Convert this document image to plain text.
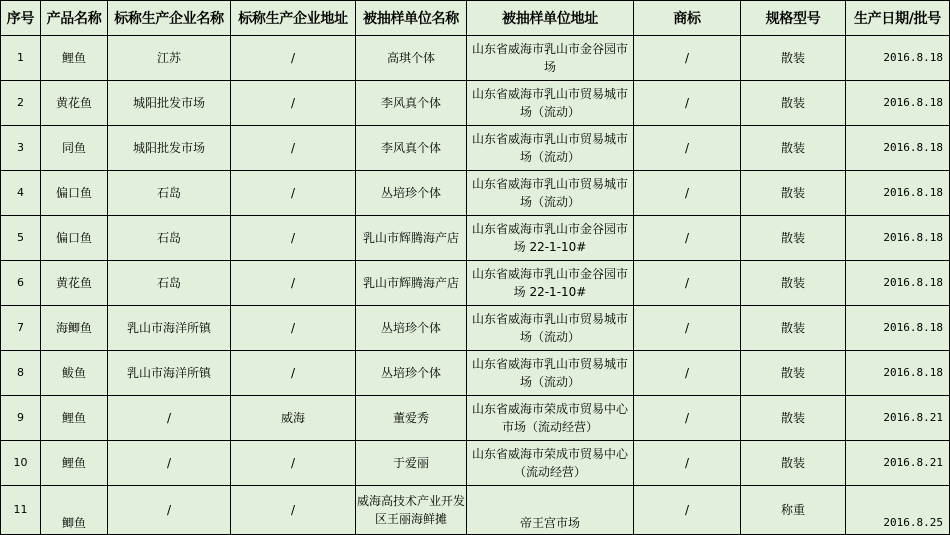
序号	产品名称	标称生产企业名称	标称生产企业地址	被抽样单位名称	被抽样单位地址	商标	规格型号	生产日期/批号
1	鲤鱼	江苏	/	高琪个体	山东省威海市乳山市金谷园市场	/	散装	2016.8.18
2	黄花鱼	城阳批发市场	/	李风真个体	山东省威海市乳山市贸易城市场（流动）	/	散装	2016.8.18
3	同鱼	城阳批发市场	/	李风真个体	山东省威海市乳山市贸易城市场（流动）	/	散装	2016.8.18
4	偏口鱼	石岛	/	丛培珍个体	山东省威海市乳山市贸易城市场（流动）	/	散装	2016.8.18
5	偏口鱼	石岛	/	乳山市辉腾海产店	山东省威海市乳山市金谷园市场 22-1-10#	/	散装	2016.8.18
6	黄花鱼	石岛	/	乳山市辉腾海产店	山东省威海市乳山市金谷园市场 22-1-10#	/	散装	2016.8.18
7	海鲫鱼	乳山市海洋所镇	/	丛培珍个体	山东省威海市乳山市贸易城市场（流动）	/	散装	2016.8.18
8	鲅鱼	乳山市海洋所镇	/	丛培珍个体	山东省威海市乳山市贸易城市场（流动）	/	散装	2016.8.18
9	鲤鱼	/	威海	董爱秀	山东省威海市荣成市贸易中心市场（流动经营）	/	散装	2016.8.21
10	鲤鱼	/	/	于爱丽	山东省威海市荣成市贸易中心（流动经营）	/	散装	2016.8.21
11	鲫鱼	/	/	威海高技术产业开发区王丽海鲜摊	帝王宫市场	/	称重	2016.8.25
